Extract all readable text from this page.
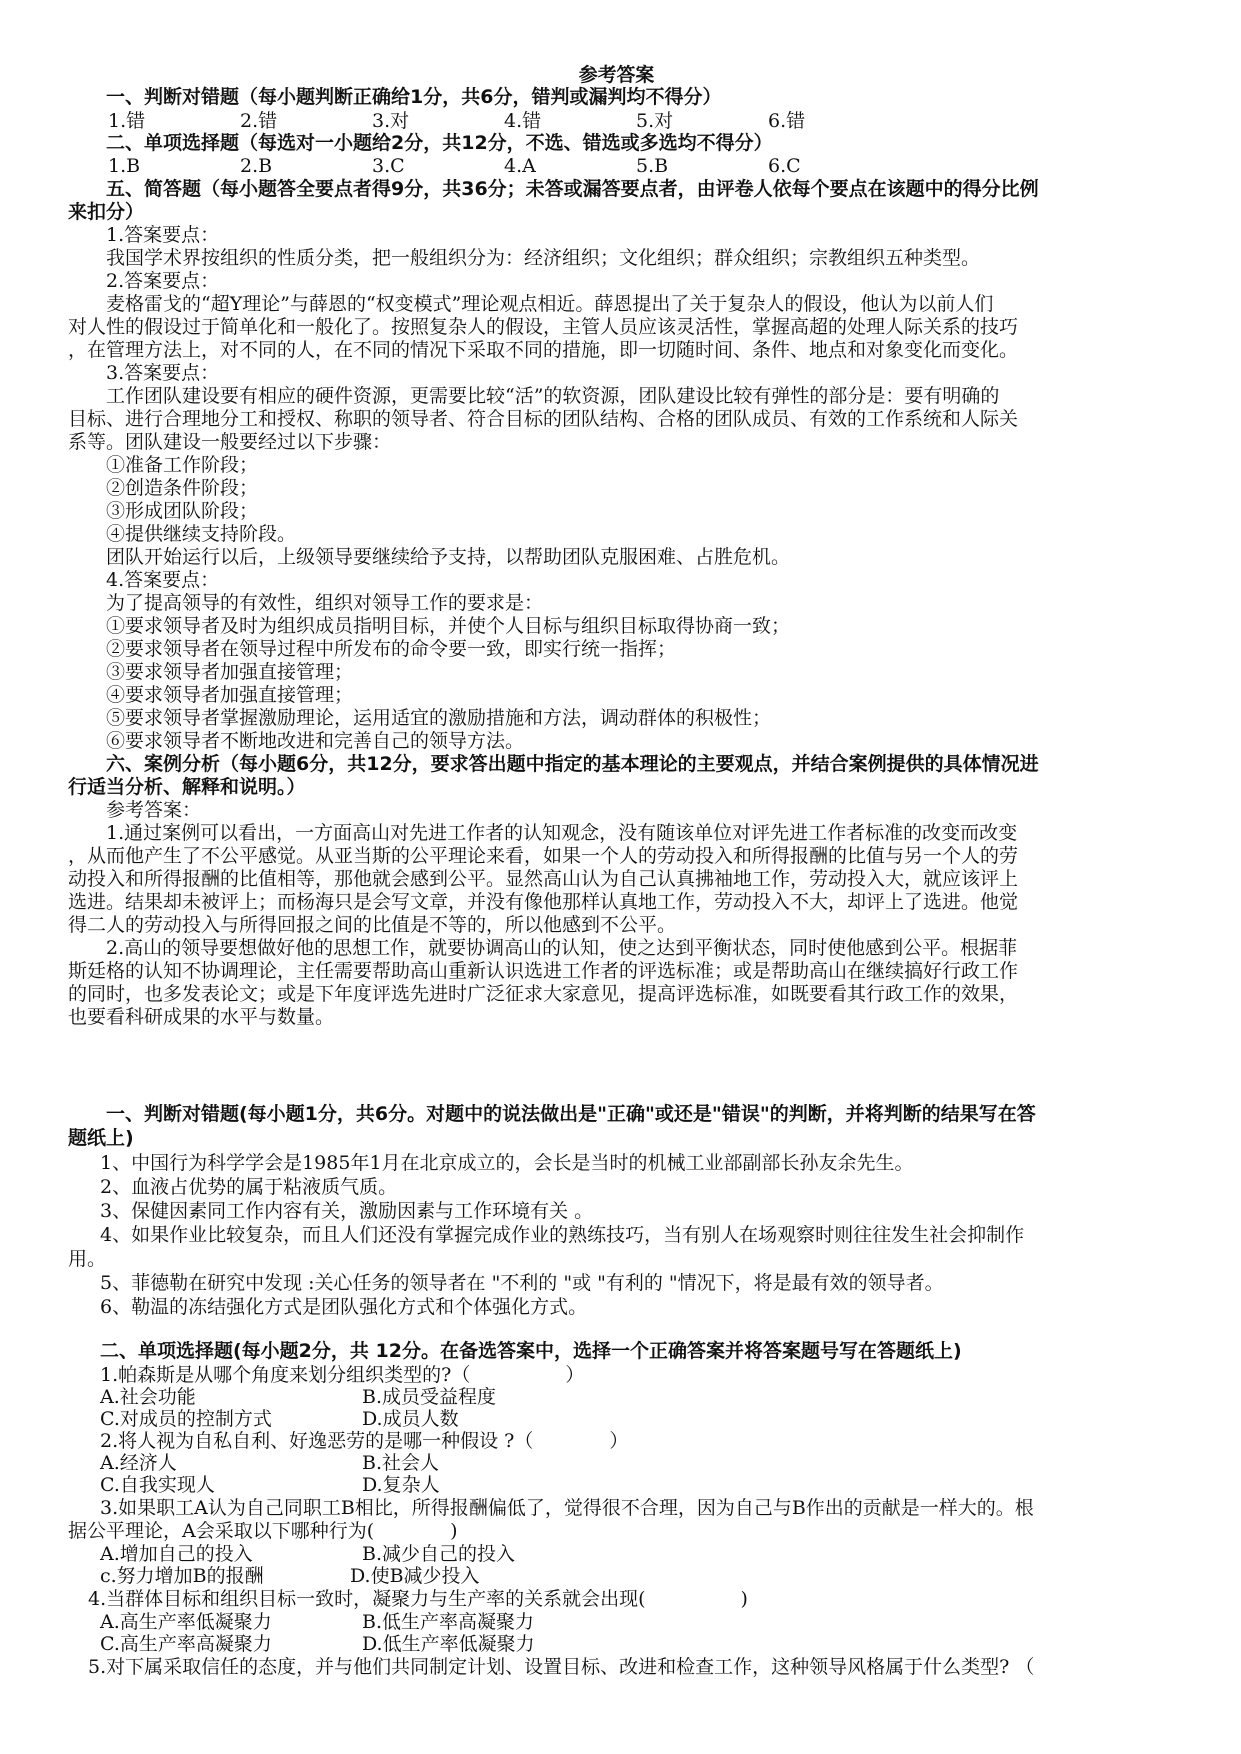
参考答案
一、判断对错题（每小题判断正确给1分，共6分，错判或漏判均不得分）
1.错	2.错	3.对	4.错	5.对	6.错
二、单项选择题（每选对一小题给2分，共12分，不选、错选或多选均不得分）
1.B	2.B	3.C	4.A	5.B	6.C
五、简答题（每小题答全要点者得9分，共36分；未答或漏答要点者，由评卷人依每个要点在该题中的得分比例
来扣分）
1.答案要点：
我国学术界按组织的性质分类，把一般组织分为：经济组织；文化组织；群众组织；宗教组织五种类型。
2.答案要点：
麦格雷戈的“超Y理论”与薛恩的“权变模式”理论观点相近。薛恩提出了关于复杂人的假设，他认为以前人们
对人性的假设过于简单化和一般化了。按照复杂人的假设，主管人员应该灵活性，掌握高超的处理人际关系的技巧
，在管理方法上，对不同的人，在不同的情况下采取不同的措施，即一切随时间、条件、地点和对象变化而变化。
3.答案要点：
工作团队建设要有相应的硬件资源，更需要比较“活”的软资源，团队建设比较有弹性的部分是：要有明确的
目标、进行合理地分工和授权、称职的领导者、符合目标的团队结构、合格的团队成员、有效的工作系统和人际关
系等。团队建设一般要经过以下步骤：
①准备工作阶段；
②创造条件阶段；
③形成团队阶段；
④提供继续支持阶段。
团队开始运行以后，上级领导要继续给予支持，以帮助团队克服困难、占胜危机。
4.答案要点：
为了提高领导的有效性，组织对领导工作的要求是：
①要求领导者及时为组织成员指明目标，并使个人目标与组织目标取得协商一致；
②要求领导者在领导过程中所发布的命令要一致，即实行统一指挥；
③要求领导者加强直接管理；
④要求领导者加强直接管理；
⑤要求领导者掌握激励理论，运用适宜的激励措施和方法，调动群体的积极性；
⑥要求领导者不断地改进和完善自己的领导方法。
六、案例分析（每小题6分，共12分，要求答出题中指定的基本理论的主要观点，并结合案例提供的具体情况进
行适当分析、解释和说明。）
参考答案：
1.通过案例可以看出，一方面高山对先进工作者的认知观念，没有随该单位对评先进工作者标准的改变而改变
，从而他产生了不公平感觉。从亚当斯的公平理论来看，如果一个人的劳动投入和所得报酬的比值与另一个人的劳
动投入和所得报酬的比值相等，那他就会感到公平。显然高山认为自己认真拂袖地工作，劳动投入大，就应该评上
选进。结果却未被评上；而杨海只是会写文章，并没有像他那样认真地工作，劳动投入不大，却评上了选进。他觉
得二人的劳动投入与所得回报之间的比值是不等的，所以他感到不公平。
2.高山的领导要想做好他的思想工作，就要协调高山的认知，使之达到平衡状态，同时使他感到公平。根据菲
斯廷格的认知不协调理论，主任需要帮助高山重新认识选进工作者的评选标准；或是帮助高山在继续搞好行政工作
的同时，也多发表论文；或是下年度评选先进时广泛征求大家意见，提高评选标准，如既要看其行政工作的效果，
也要看科研成果的水平与数量。
一、判断对错题(每小题1分，共6分。对题中的说法做出是"正确"或还是"错误"的判断，并将判断的结果写在答
题纸上)
1、中国行为科学学会是1985年1月在北京成立的，会长是当时的机械工业部副部长孙友余先生。
2、血液占优势的属于粘液质气质。
3、保健因素同工作内容有关，激励因素与工作环境有关 。
4、如果作业比较复杂，而且人们还没有掌握完成作业的熟练技巧，当有别人在场观察时则往往发生社会抑制作
用。
5、菲德勒在研究中发现 :关心任务的领导者在 "不利的 "或 "有利的 "情况下，将是最有效的领导者。
6、勒温的冻结强化方式是团队强化方式和个体强化方式。
二、单项选择题(每小题2分，共 12分。在备选答案中，选择一个正确答案并将答案题号写在答题纸上)
1.帕森斯是从哪个角度来划分组织类型的?（　　　　　）
A.社会功能	B.成员受益程度
C.对成员的控制方式	D.成员人数
2.将人视为自私自利、好逸恶劳的是哪一种假设 ?（　　　　）
A.经济人	B.社会人
C.自我实现人	D.复杂人
3.如果职工A认为自己同职工B相比，所得报酬偏低了，觉得很不合理，因为自己与B作出的贡献是一样大的。根
据公平理论，A会采取以下哪种行为(　　　　)
A.增加自己的投入	B.减少自己的投入
c.努力增加B的报酬	D.使B减少投入
4.当群体目标和组织目标一致时，凝聚力与生产率的关系就会出现(　　　　　)
A.高生产率低凝聚力	B.低生产率高凝聚力
C.高生产率高凝聚力	D.低生产率低凝聚力
5.对下属采取信任的态度，并与他们共同制定计划、设置目标、改进和检查工作，这种领导风格属于什么类型? （
